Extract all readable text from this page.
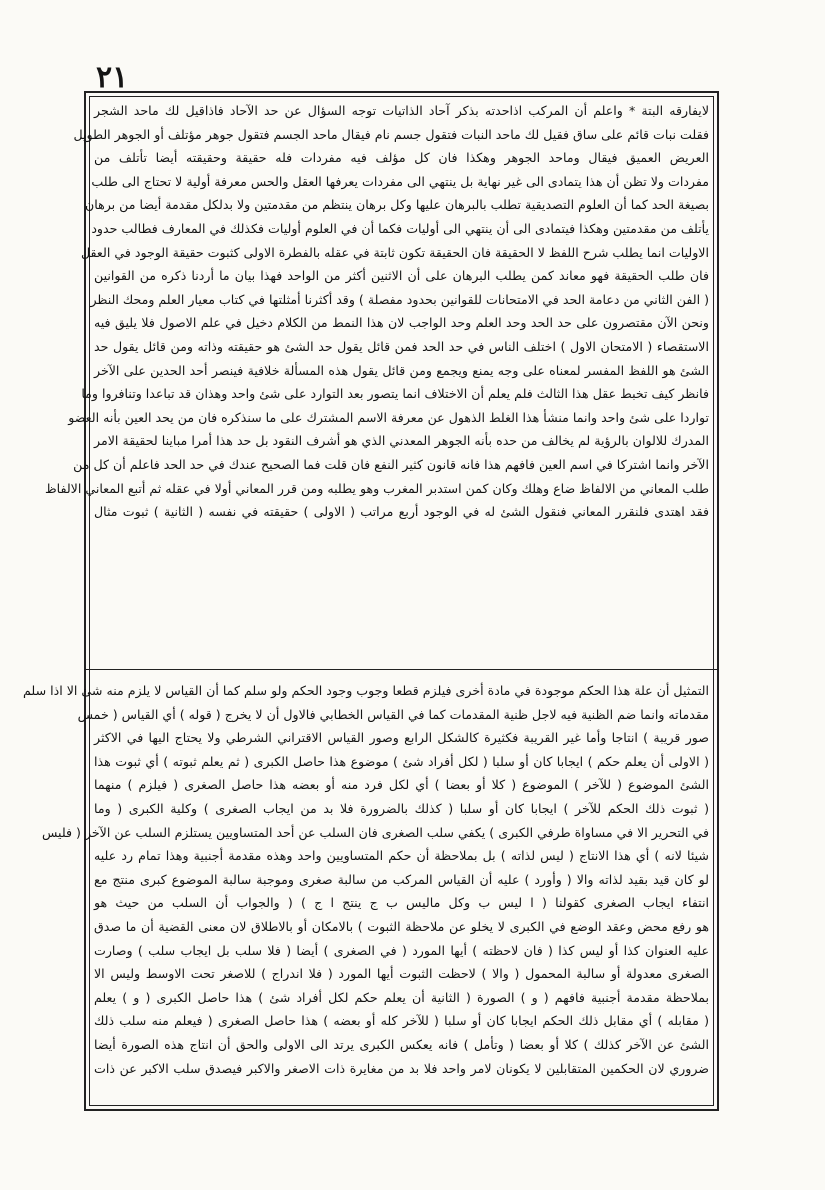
٢١
لايفارقه البتة * واعلم أن المركب اذاحدته بذكر آحاد الذاتيات توجه السؤال عن حد الآحاد فاذاقيل لك ماحد الشجر
فقلت نبات قائم على ساق فقيل لك ماحد النبات فتقول جسم نام فيقال ماحد الجسم فتقول جوهر مؤتلف أو الجوهر الطويل
العريض العميق فيقال وماحد الجوهر وهكذا فان كل مؤلف فيه مفردات فله حقيقة وحقيقته أيضا تأتلف من
مفردات ولا تظن أن هذا يتمادى الى غير نهاية بل ينتهي الى مفردات يعرفها العقل والحس معرفة أولية لا تحتاج الى طلب
بصيغة الحد كما أن العلوم التصديقية تطلب بالبرهان عليها وكل برهان ينتظم من مقدمتين ولا بدلكل مقدمة أيضا من برهان
يأتلف من مقدمتين وهكذا فيتمادى الى أن ينتهي الى أوليات فكما أن في العلوم أوليات فكذلك في المعارف فطالب حدود
الاوليات انما يطلب شرح اللفظ لا الحقيقة فان الحقيقة تكون ثابتة في عقله بالفطرة الاولى كثبوت حقيقة الوجود في العقل
فان طلب الحقيقة فهو معاند كمن يطلب البرهان على أن الاثنين أكثر من الواحد فهذا بيان ما أردنا ذكره من القوانين
( الفن الثاني من دعامة الحد في الامتحانات للقوانين بحدود مفصلة ) وقد أكثرنا أمثلتها في كتاب معيار العلم ومحك النظر
ونحن الآن مقتصرون على حد الحد وحد العلم وحد الواجب لان هذا النمط من الكلام دخيل في علم الاصول فلا يليق فيه
الاستقصاء ( الامتحان الاول ) اختلف الناس في حد الحد فمن قائل يقول حد الشئ هو حقيقته وذاته ومن قائل يقول حد
الشئ هو اللفظ المفسر لمعناه على وجه يمنع ويجمع ومن قائل يقول هذه المسألة خلافية فينصر أحد الحدين على الآخر
فانظر كيف تخبط عقل هذا الثالث فلم يعلم أن الاختلاف انما يتصور بعد التوارد على شئ واحد وهذان قد تباعدا وتنافروا وما
تواردا على شئ واحد وانما منشأ هذا الغلط الذهول عن معرفة الاسم المشترك على ما سنذكره فان من يحد العين بأنه العضو
المدرك للالوان بالرؤية لم يخالف من حده بأنه الجوهر المعدني الذي هو أشرف النقود بل حد هذا أمرا مباينا لحقيقة الامر
الآخر وانما اشتركا في اسم العين فافهم هذا فانه قانون كثير النفع فان قلت فما الصحيح عندك في حد الحد فاعلم أن كل من
طلب المعاني من الالفاظ ضاع وهلك وكان كمن استدبر المغرب وهو يطلبه ومن قرر المعاني أولا في عقله ثم أتبع المعاني الالفاظ
فقد اهتدى فلنقرر المعاني فنقول الشئ له في الوجود أربع مراتب ( الاولى ) حقيقته في نفسه ( الثانية ) ثبوت مثال
التمثيل أن علة هذا الحكم موجودة في مادة أخرى فيلزم قطعا وجوب وجود الحكم ولو سلم كما أن القياس لا يلزم منه شئ الا اذا سلم
مقدماته وانما ضم الظنية فيه لاجل ظنية المقدمات كما في القياس الخطابي فالاول أن لا يخرج ( قوله ) أي القياس ( خمس
صور قريبة ) انتاجا وأما غير القريبة فكثيرة كالشكل الرابع وصور القياس الاقتراني الشرطي ولا يحتاج اليها في الاكثر
( الاولى أن يعلم حكم ) ايجابا كان أو سلبا ( لكل أفراد شئ ) موضوع هذا حاصل الكبرى ( ثم يعلم ثبوته ) أي ثبوت هذا
الشئ الموضوع ( للآخر ) الموضوع ( كلا أو بعضا ) أي لكل فرد منه أو بعضه هذا حاصل الصغرى ( فيلزم ) منهما
( ثبوت ذلك الحكم للآخر ) ايجابا كان أو سلبا ( كذلك بالضرورة فلا بد من ايجاب الصغرى ) وكلية الكبرى ( وما
في التحرير الا في مساواة طرفي الكبرى ) يكفي سلب الصغرى فان السلب عن أحد المتساويين يستلزم السلب عن الآخر ( فليس
شيئا لانه ) أي هذا الانتاج ( ليس لذاته ) بل بملاحظة أن حكم المتساويين واحد وهذه مقدمة أجنبية وهذا تمام رد عليه
لو كان قيد بقيد لذاته والا ( وأورد ) عليه أن القياس المركب من سالبة صغرى وموجبة سالبة الموضوع كبرى منتج مع
انتفاء ايجاب الصغرى كقولنا ( ا ليس ب وكل ماليس ب ج ينتج ا ج ) ( والجواب أن السلب من حيث هو
هو رفع محض وعقد الوضع في الكبرى لا يخلو عن ملاحظة الثبوت ) بالامكان أو بالاطلاق لان معنى القضية أن ما صدق
عليه العنوان كذا أو ليس كذا ( فان لاحظته ) أيها المورد ( في الصغرى ) أيضا ( فلا سلب بل ايجاب سلب ) وصارت
الصغرى معدولة أو سالبة المحمول ( والا ) لاحظت الثبوت أيها المورد ( فلا اندراج ) للاصغر تحت الاوسط وليس الا
بملاحظة مقدمة أجنبية فافهم ( و ) الصورة ( الثانية أن يعلم حكم لكل أفراد شئ ) هذا حاصل الكبرى ( و ) يعلم
( مقابله ) أي مقابل ذلك الحكم ايجابا كان أو سلبا ( للآخر كله أو بعضه ) هذا حاصل الصغرى ( فيعلم منه سلب ذلك
الشئ عن الآخر كذلك ) كلا أو بعضا ( وتأمل ) فانه يعكس الكبرى يرتد الى الاولى والحق أن انتاج هذه الصورة أيضا
ضروري لان الحكمين المتقابلين لا يكونان لامر واحد فلا بد من مغايرة ذات الاصغر والاكبر فيصدق سلب الاكبر عن ذات
